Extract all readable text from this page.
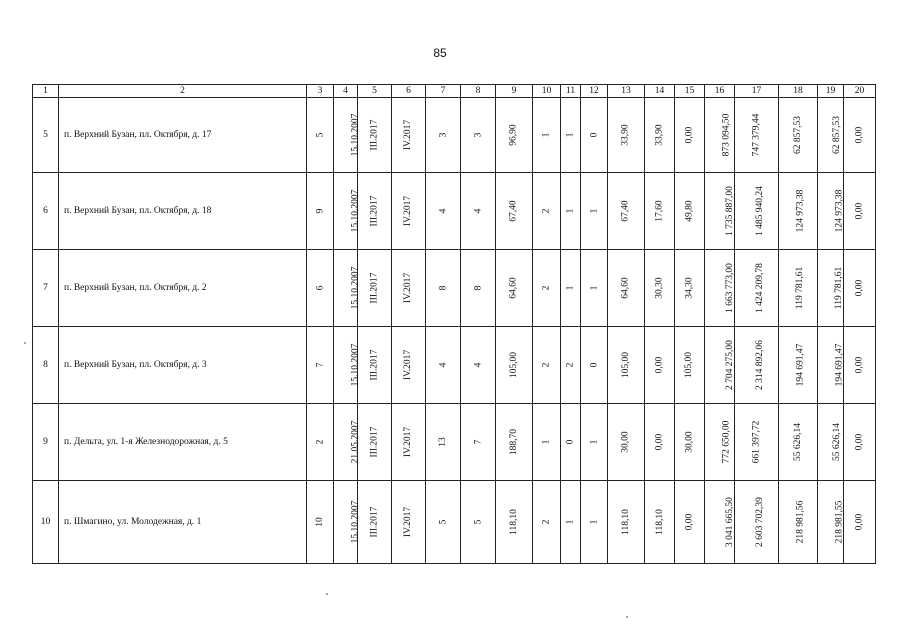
85
1	2	3	4	5	6	7	8	9	10	11	12	13	14	15	16	17	18	19	20
5	п. Верхний Бузан, пл. Октября, д. 17	5	15.10.2007	III.2017	IV.2017	3	3	96,90	1	1	0	33,90	33,90	0,00	873 094,50	747 379,44	62 857,53	62 857,53	0,00
6	п. Верхний Бузан, пл. Октября, д. 18	9	15.10.2007	III.2017	IV.2017	4	4	67,40	2	1	1	67,40	17,60	49,80	1 735 887,00	1 485 940,24	124 973,38	124 973,38	0,00
7	п. Верхний Бузан, пл. Октября, д. 2	6	15.10.2007	III.2017	IV.2017	8	8	64,60	2	1	1	64,60	30,30	34,30	1 663 773,00	1 424 209,78	119 781,61	119 781,61	0,00
8	п. Верхний Бузан, пл. Октября, д. 3	7	15.10.2007	III.2017	IV.2017	4	4	105,00	2	2	0	105,00	0,00	105,00	2 704 275,00	2 314 892,06	194 691,47	194 691,47	0,00
9	п. Дельта, ул. 1-я Железнодорожная, д. 5	2	21.05.2007	III.2017	IV.2017	13	7	188,70	1	0	1	30,00	0,00	30,00	772 650,00	661 397,72	55 626,14	55 626,14	0,00
10	п. Шмагино, ул. Молодежная, д. 1	10	15.10.2007	III.2017	IV.2017	5	5	118,10	2	1	1	118,10	118,10	0,00	3 041 665,50	2 603 702,39	218 981,56	218 981,55	0,00
